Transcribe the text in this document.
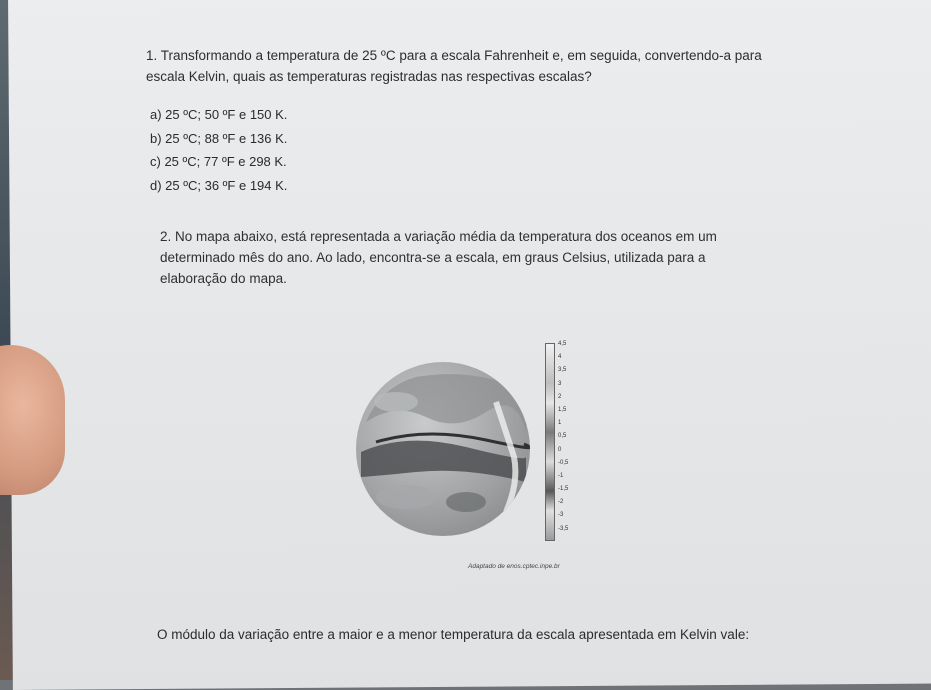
1. Transformando a temperatura de 25 ºC para a escala Fahrenheit e, em seguida, convertendo-a para escala Kelvin, quais as temperaturas registradas nas respectivas escalas?

a) 25 ºC; 50 ºF e 150 K.
b) 25 ºC; 88 ºF e 136 K.
c) 25 ºC; 77 ºF e 298 K.
d) 25 ºC; 36 ºF e 194 K.

2. No mapa abaixo, está representada a variação média da temperatura dos oceanos em um determinado mês do ano. Ao lado, encontra-se a escala, em graus Celsius, utilizada para a elaboração do mapa.

4,5
4
3,5
3
2
1,5
1
0,5
0
-0,5
-1
-1,5
-2
-3
-3,5
Adaptado de enos.cptec.inpe.br
O módulo da variação entre a maior e a menor temperatura da escala apresentada em Kelvin vale:
